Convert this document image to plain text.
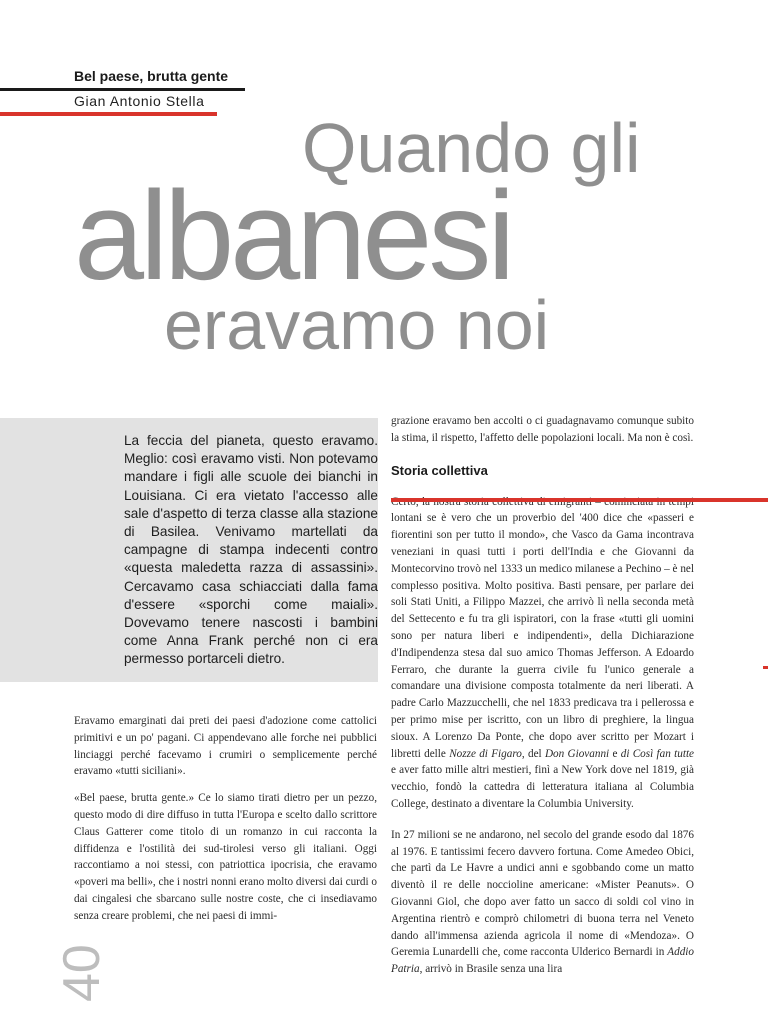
Bel paese, brutta gente
Gian Antonio Stella
Quando gli
albanesi
eravamo noi

La feccia del pianeta, questo eravamo. Meglio: così eravamo visti. Non potevamo mandare i figli alle scuole dei bianchi in Louisiana. Ci era vietato l'accesso alle sale d'aspetto di terza classe alla stazione di Basilea. Venivamo martellati da campagne di stampa indecenti contro «questa maledetta razza di assassini». Cercavamo casa schiacciati dalla fama d'essere «sporchi come maiali». Dovevamo tenere nascosti i bambini come Anna Frank perché non ci era permesso portarceli dietro.

Eravamo emarginati dai preti dei paesi d'adozione come cattolici primitivi e un po' pagani. Ci appendevano alle forche nei pubblici linciaggi perché facevamo i crumiri o semplicemente perché eravamo «tutti siciliani».

«Bel paese, brutta gente.» Ce lo siamo tirati dietro per un pezzo, questo modo di dire diffuso in tutta l'Europa e scelto dallo scrittore Claus Gatterer come titolo di un romanzo in cui racconta la diffidenza e l'ostilità dei sud-tirolesi verso gli italiani. Oggi raccontiamo a noi stessi, con patriottica ipocrisia, che eravamo «poveri ma belli», che i nostri nonni erano molto diversi dai curdi o dai cingalesi che sbarcano sulle nostre coste, che ci insediavamo senza creare problemi, che nei paesi di immi-

grazione eravamo ben accolti o ci guadagnavamo comunque subito la stima, il rispetto, l'affetto delle popolazioni locali. Ma non è così.

Storia collettiva

lontani se è vero che un proverbio del '400 dice che «passeri e fiorentini son per tutto il mondo», che Vasco da Gama incontrava veneziani in quasi tutti i porti dell'India e che Giovanni da Montecorvino trovò nel 1333 un medico milanese a Pechino – è nel complesso positiva. Molto positiva. Basti pensare, per parlare dei soli Stati Uniti, a Filippo Mazzei, che arrivò lì nella seconda metà del Settecento e fu tra gli ispiratori, con la frase «tutti gli uomini sono per natura liberi e indipendenti», della Dichiarazione d'Indipendenza stesa dal suo amico Thomas Jefferson. A Edoardo Ferraro, che durante la guerra civile fu l'unico generale a comandare una divisione composta totalmente da neri liberati. A padre Carlo Mazzucchelli, che nel 1833 predicava tra i pellerossa e per primo mise per iscritto, con un libro di preghiere, la lingua sioux. A Lorenzo Da Ponte, che dopo aver scritto per Mozart i libretti delle Nozze di Figaro, del Don Giovanni e di Così fan tutte e aver fatto mille altri mestieri, finì a New York dove nel 1819, già vecchio, fondò la cattedra di letteratura italiana al Columbia College, destinato a diventare la Columbia University.

In 27 milioni se ne andarono, nel secolo del grande esodo dal 1876 al 1976. E tantissimi fecero davvero fortuna. Come Amedeo Obici, che partì da Le Havre a undici anni e sgobbando come un matto diventò il re delle noccioline americane: «Mister Peanuts». O Giovanni Giol, che dopo aver fatto un sacco di soldi col vino in Argentina rientrò e comprò chilometri di buona terra nel Veneto dando all'immensa azienda agricola il nome di «Mendoza». O Geremia Lunardelli che, come racconta Ulderico Bernardi in Addio Patria, arrivò in Brasile senza una lira

40
